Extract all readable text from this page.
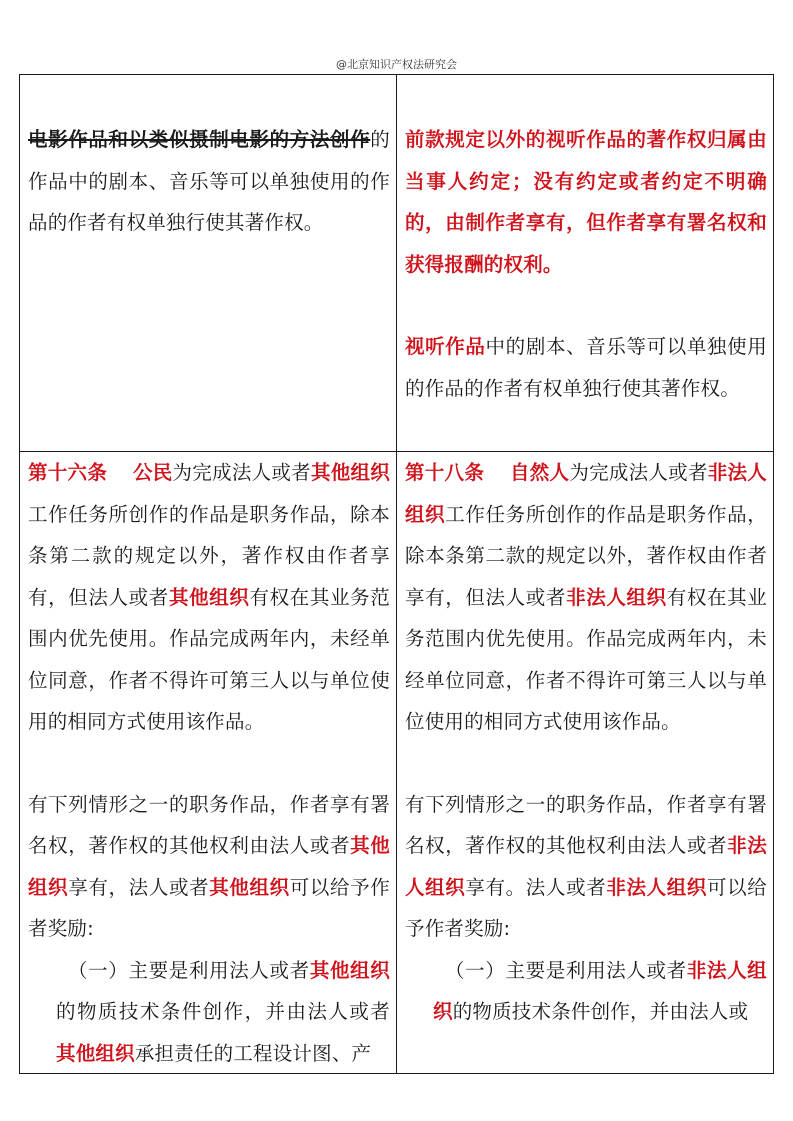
@北京知识产权法研究会

电影作品和以类似摄制电影的方法创作的作品中的剧本、音乐等可以单独使用的作品的作者有权单独行使其著作权。

前款规定以外的视听作品的著作权归属由当事人约定；没有约定或者约定不明确的，由制作者享有，但作者享有署名权和获得报酬的权利。

视听作品中的剧本、音乐等可以单独使用的作品的作者有权单独行使其著作权。

第十六条 公民为完成法人或者其他组织工作任务所创作的作品是职务作品，除本条第二款的规定以外，著作权由作者享有，但法人或者其他组织有权在其业务范围内优先使用。作品完成两年内，未经单位同意，作者不得许可第三人以与单位使用的相同方式使用该作品。

有下列情形之一的职务作品，作者享有署名权，著作权的其他权利由法人或者其他组织享有，法人或者其他组织可以给予作者奖励:

（一）主要是利用法人或者其他组织的物质技术条件创作，并由法人或者其他组织承担责任的工程设计图、产

第十八条 自然人为完成法人或者非法人组织工作任务所创作的作品是职务作品，除本条第二款的规定以外，著作权由作者享有，但法人或者非法人组织有权在其业务范围内优先使用。作品完成两年内，未经单位同意，作者不得许可第三人以与单位使用的相同方式使用该作品。

有下列情形之一的职务作品，作者享有署名权，著作权的其他权利由法人或者非法人组织享有。法人或者非法人组织可以给予作者奖励:

（一）主要是利用法人或者非法人组织的物质技术条件创作，并由法人或
